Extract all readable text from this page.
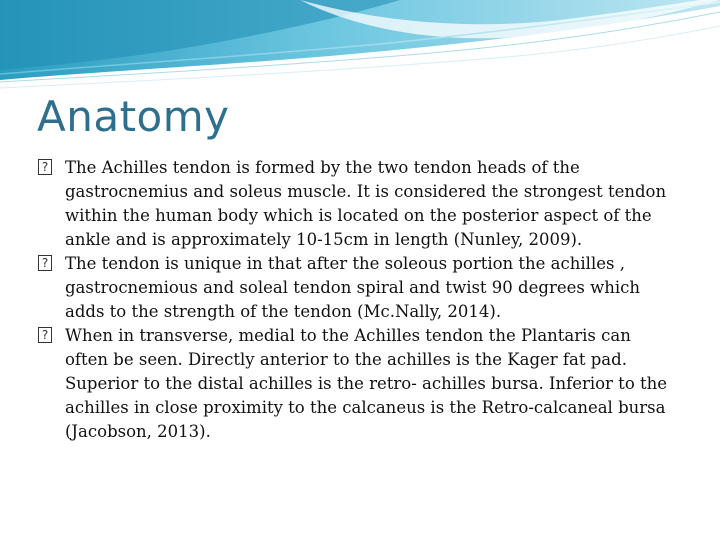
Anatomy

? The Achilles tendon is formed by the two tendon heads of the gastrocnemius and soleus muscle. It is considered the strongest tendon within the human body which is located on the posterior aspect of the ankle and is approximately 10-15cm in length (Nunley, 2009).

? The tendon is unique in that after the soleous portion the achilles , gastrocnemious and soleal tendon spiral and twist 90 degrees which adds to the strength of the tendon (Mc.Nally, 2014).

? When in transverse, medial to the Achilles tendon the Plantaris can often be seen. Directly anterior to the achilles is the Kager fat pad. Superior to the distal achilles is the retro- achilles bursa. Inferior to the achilles in close proximity to the calcaneus is the Retro-calcaneal bursa (Jacobson, 2013).
